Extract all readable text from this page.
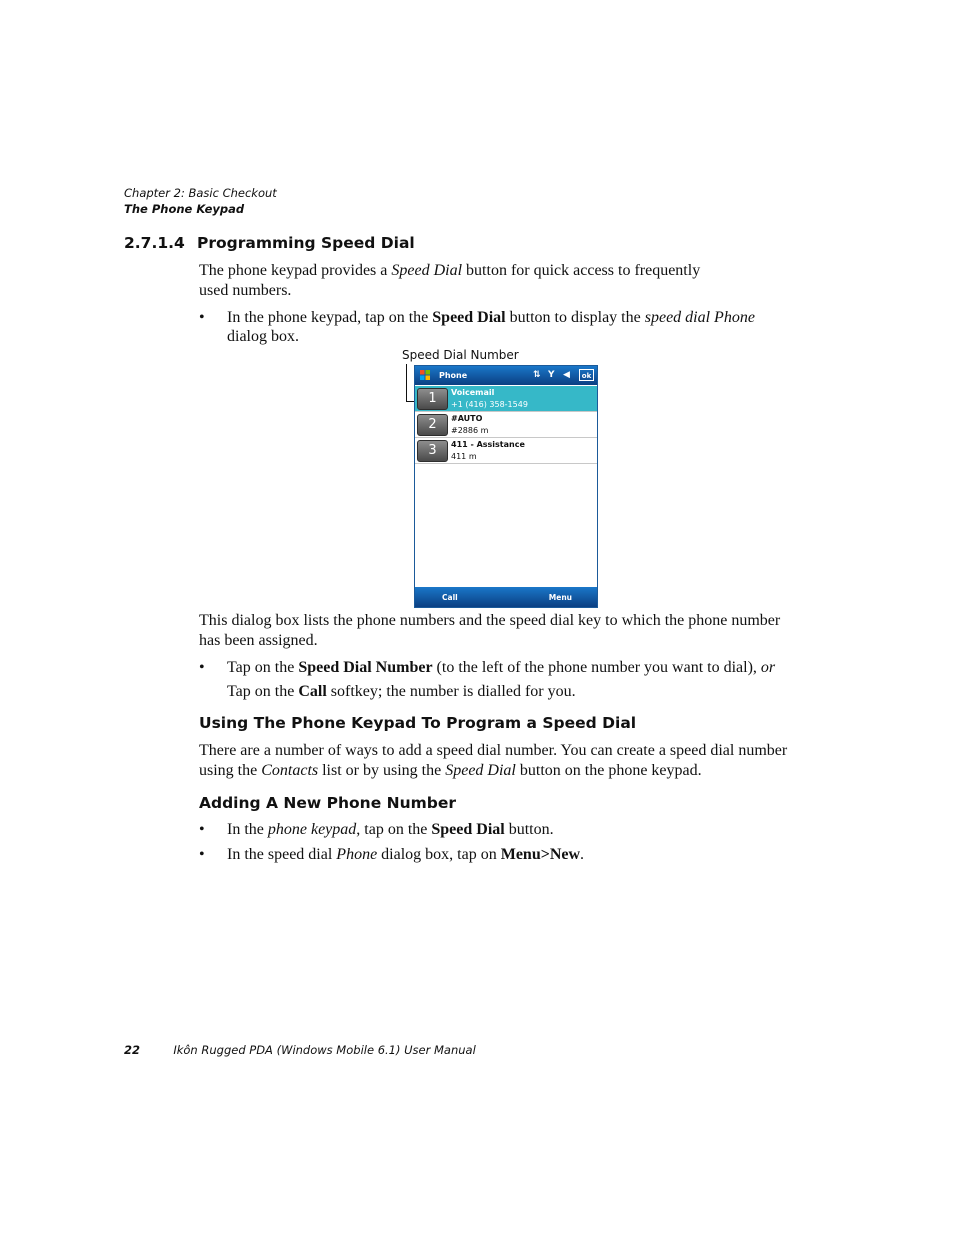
Chapter 2: Basic Checkout
The Phone Keypad
2.7.1.4 Programming Speed Dial
The phone keypad provides a Speed Dial button for quick access to frequently
used numbers.
• In the phone keypad, tap on the Speed Dial button to display the speed dial Phone
dialog box.
Speed Dial Number
Phone	⇅ Y ◀	ok
1	Voicemail
+1 (416) 358-1549
2	#AUTO
#2886 m
3	411 - Assistance
411 m
Call	Menu
This dialog box lists the phone numbers and the speed dial key to which the phone number
has been assigned.
• Tap on the Speed Dial Number (to the left of the phone number you want to dial), or
Tap on the Call softkey; the number is dialled for you.
Using The Phone Keypad To Program a Speed Dial
There are a number of ways to add a speed dial number. You can create a speed dial number
using the Contacts list or by using the Speed Dial button on the phone keypad.
Adding A New Phone Number
• In the phone keypad, tap on the Speed Dial button.
• In the speed dial Phone dialog box, tap on Menu>New.
22	Ikôn Rugged PDA (Windows Mobile 6.1) User Manual
